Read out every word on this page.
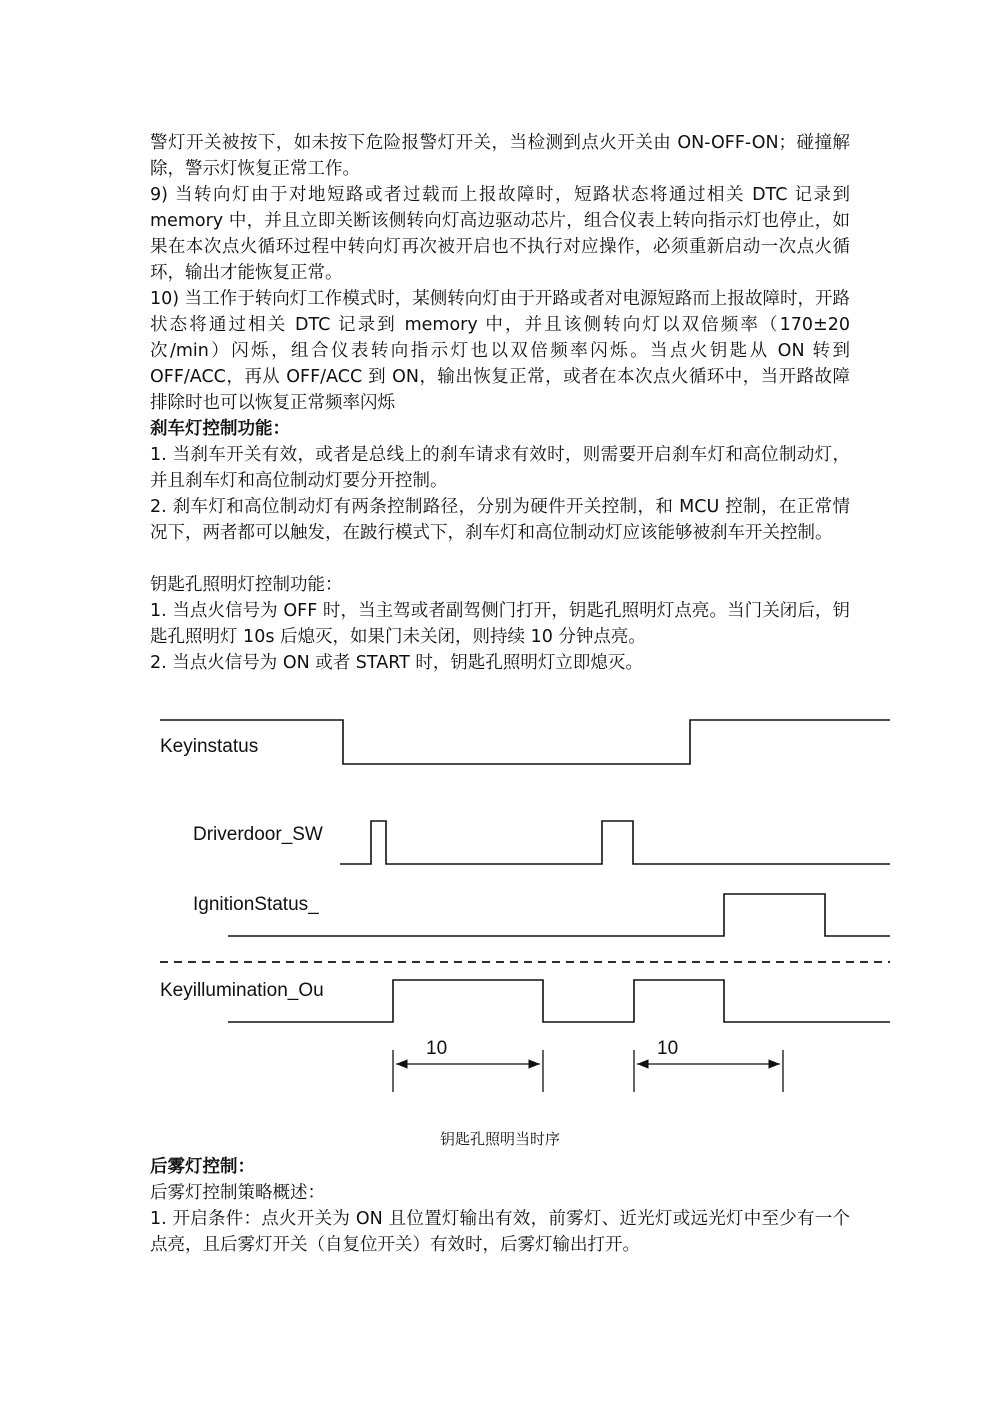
警灯开关被按下，如未按下危险报警灯开关，当检测到点火开关由 ON-OFF-ON；碰撞解除，警示灯恢复正常工作。

9) 当转向灯由于对地短路或者过载而上报故障时，短路状态将通过相关 DTC 记录到 memory 中，并且立即关断该侧转向灯高边驱动芯片，组合仪表上转向指示灯也停止，如果在本次点火循环过程中转向灯再次被开启也不执行对应操作，必须重新启动一次点火循环，输出才能恢复正常。

10) 当工作于转向灯工作模式时，某侧转向灯由于开路或者对电源短路而上报故障时，开路状态将通过相关 DTC 记录到 memory 中，并且该侧转向灯以双倍频率（170±20 次/min）闪烁，组合仪表转向指示灯也以双倍频率闪烁。当点火钥匙从 ON 转到 OFF/ACC，再从 OFF/ACC 到 ON，输出恢复正常，或者在本次点火循环中，当开路故障排除时也可以恢复正常频率闪烁

刹车灯控制功能：

1. 当刹车开关有效，或者是总线上的刹车请求有效时，则需要开启刹车灯和高位制动灯，并且刹车灯和高位制动灯要分开控制。

2. 刹车灯和高位制动灯有两条控制路径，分别为硬件开关控制，和 MCU 控制，在正常情况下，两者都可以触发，在跛行模式下，刹车灯和高位制动灯应该能够被刹车开关控制。

钥匙孔照明灯控制功能：

1. 当点火信号为 OFF 时，当主驾或者副驾侧门打开，钥匙孔照明灯点亮。当门关闭后，钥匙孔照明灯 10s 后熄灭，如果门未关闭，则持续 10 分钟点亮。

2. 当点火信号为 ON 或者 START 时，钥匙孔照明灯立即熄灭。

Keyinstatus
Driverdoor_SW
IgnitionStatus_
Keyillumination_Ou
10	10
钥匙孔照明当时序

后雾灯控制：

后雾灯控制策略概述：

1. 开启条件：点火开关为 ON 且位置灯输出有效，前雾灯、近光灯或远光灯中至少有一个点亮，且后雾灯开关（自复位开关）有效时，后雾灯输出打开。
